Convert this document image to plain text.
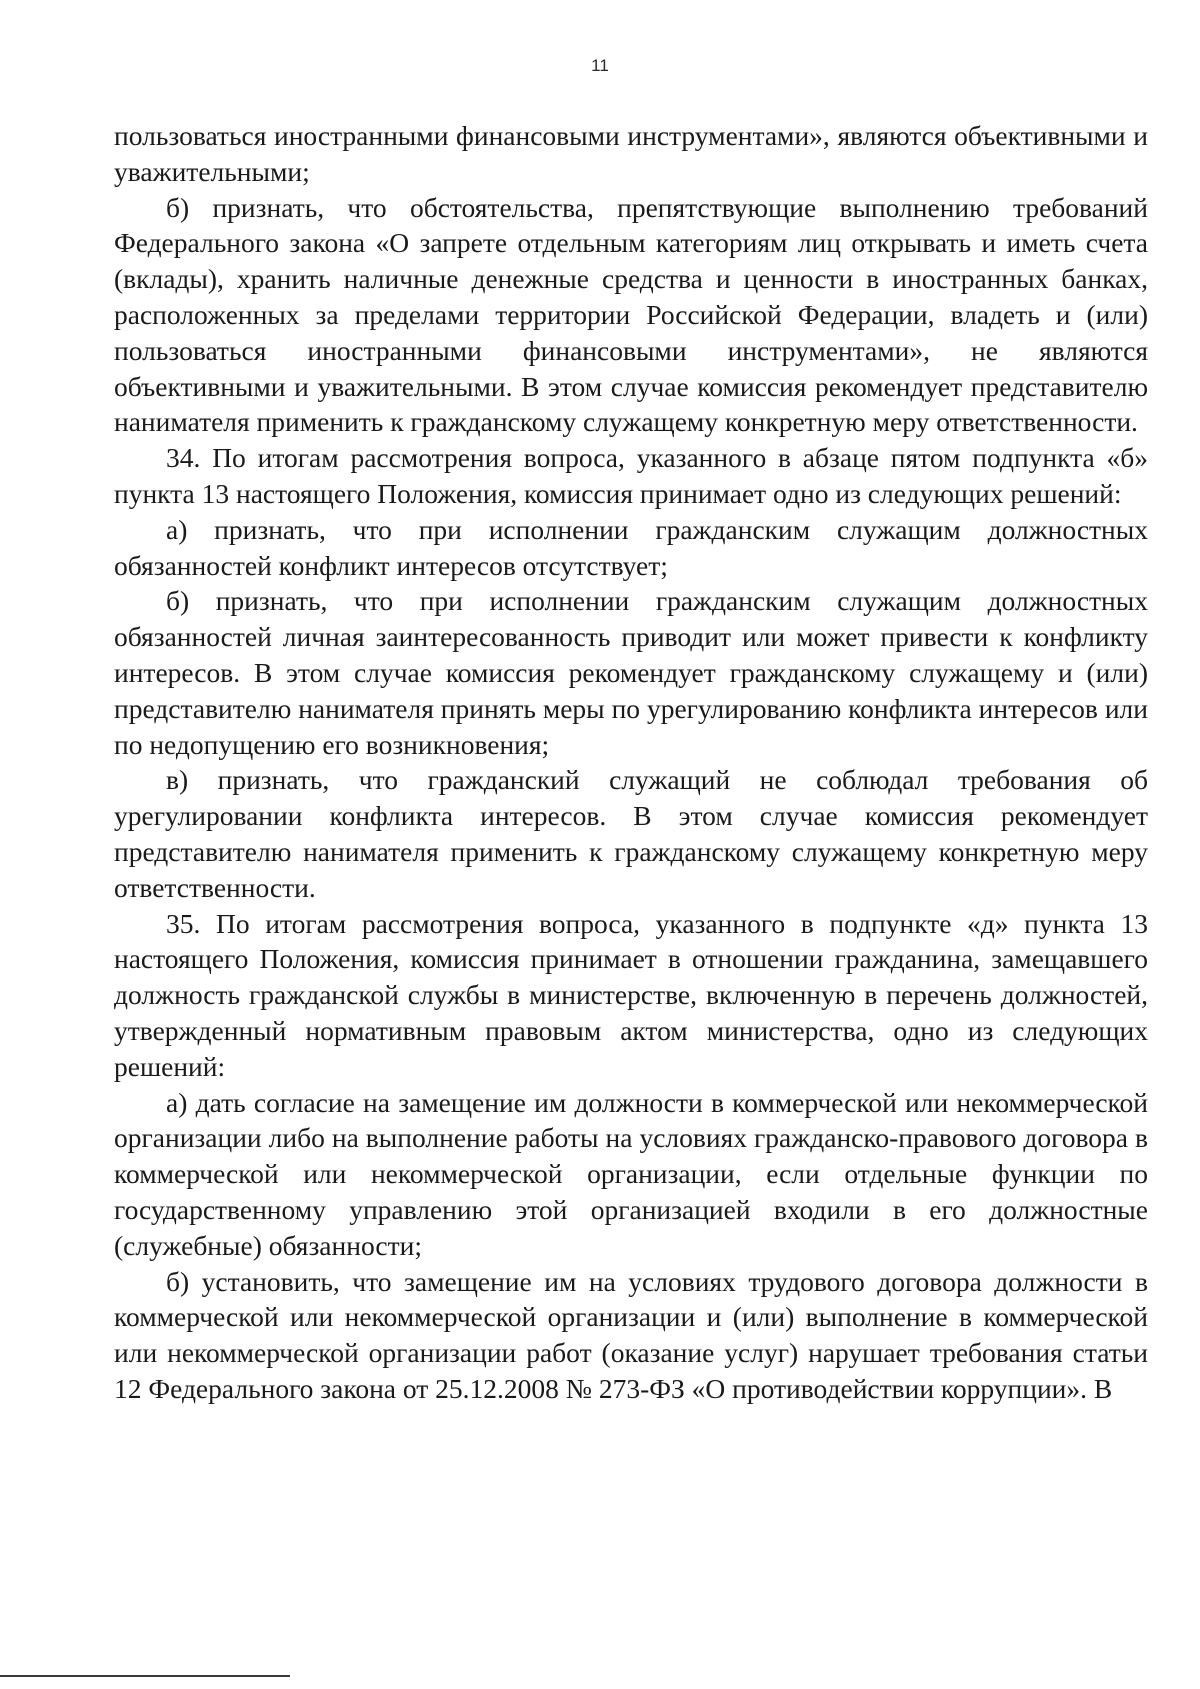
11

пользоваться иностранными финансовыми инструментами», являются объективными и уважительными;

б) признать, что обстоятельства, препятствующие выполнению требований Федерального закона «О запрете отдельным категориям лиц открывать и иметь счета (вклады), хранить наличные денежные средства и ценности в иностранных банках, расположенных за пределами территории Российской Федерации, владеть и (или) пользоваться иностранными финансовыми инструментами», не являются объективными и уважительными. В этом случае комиссия рекомендует представителю нанимателя применить к гражданскому служащему конкретную меру ответственности.

34. По итогам рассмотрения вопроса, указанного в абзаце пятом подпункта «б» пункта 13 настоящего Положения, комиссия принимает одно из следующих решений:

а) признать, что при исполнении гражданским служащим должностных обязанностей конфликт интересов отсутствует;

б) признать, что при исполнении гражданским служащим должностных обязанностей личная заинтересованность приводит или может привести к конфликту интересов. В этом случае комиссия рекомендует гражданскому служащему и (или) представителю нанимателя принять меры по урегулированию конфликта интересов или по недопущению его возникновения;

в) признать, что гражданский служащий не соблюдал требования об урегулировании конфликта интересов. В этом случае комиссия рекомендует представителю нанимателя применить к гражданскому служащему конкретную меру ответственности.

35. По итогам рассмотрения вопроса, указанного в подпункте «д» пункта 13 настоящего Положения, комиссия принимает в отношении гражданина, замещавшего должность гражданской службы в министерстве, включенную в перечень должностей, утвержденный нормативным правовым актом министерства, одно из следующих решений:

а) дать согласие на замещение им должности в коммерческой или некоммерческой организации либо на выполнение работы на условиях гражданско-правового договора в коммерческой или некоммерческой организации, если отдельные функции по государственному управлению этой организацией входили в его должностные (служебные) обязанности;

б) установить, что замещение им на условиях трудового договора должности в коммерческой или некоммерческой организации и (или) выполнение в коммерческой или некоммерческой организации работ (оказание услуг) нарушает требования статьи 12 Федерального закона от 25.12.2008 № 273-ФЗ «О противодействии коррупции». В
